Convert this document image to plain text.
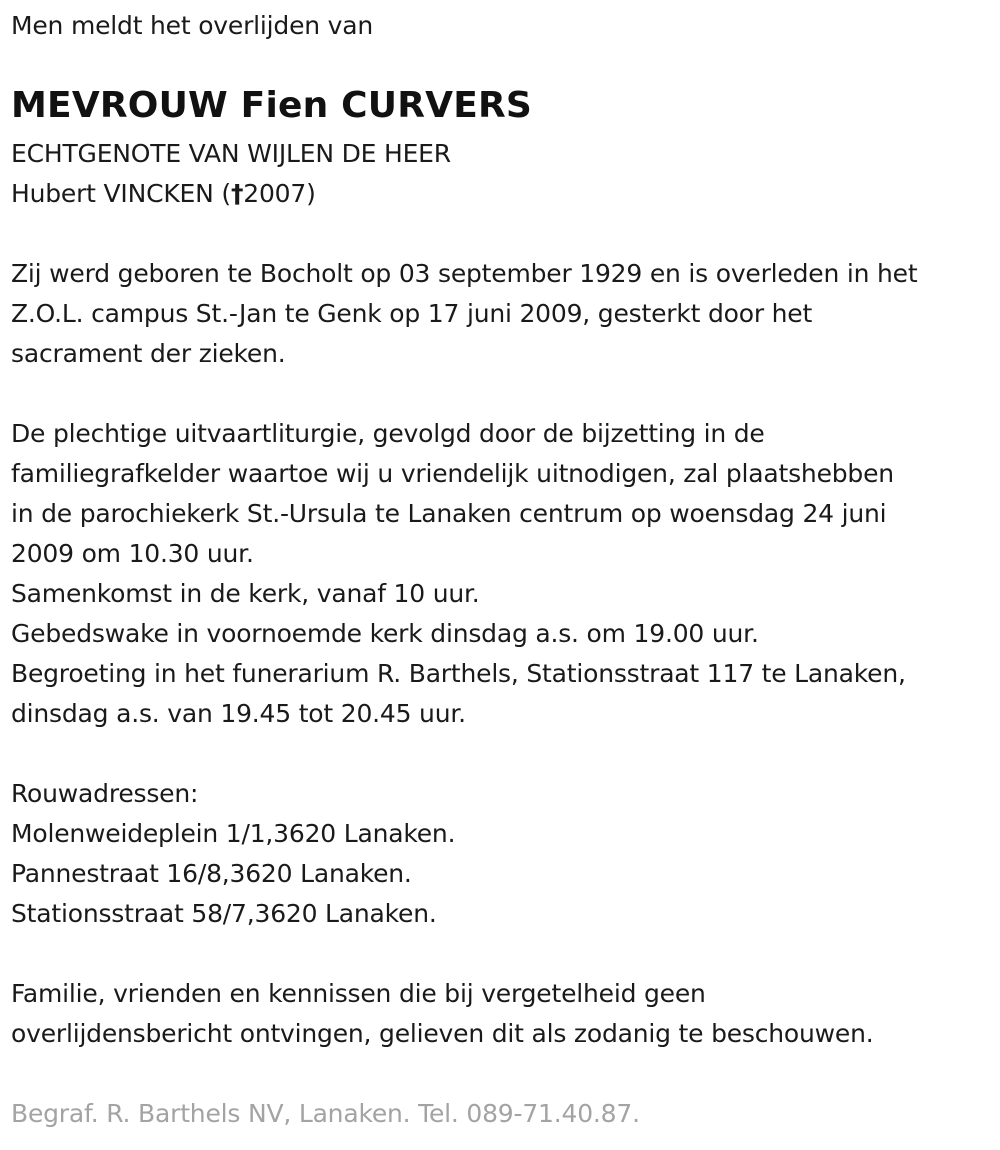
Men meldt het overlijden van
MEVROUW Fien CURVERS
ECHTGENOTE VAN WIJLEN DE HEER
Hubert VINCKEN (†2007)
Zij werd geboren te Bocholt op 03 september 1929 en is overleden in het
Z.O.L. campus St.-Jan te Genk op 17 juni 2009, gesterkt door het
sacrament der zieken.
De plechtige uitvaartliturgie, gevolgd door de bijzetting in de
familiegrafkelder waartoe wij u vriendelijk uitnodigen, zal plaatshebben
in de parochiekerk St.-Ursula te Lanaken centrum op woensdag 24 juni
2009 om 10.30 uur.
Samenkomst in de kerk, vanaf 10 uur.
Gebedswake in voornoemde kerk dinsdag a.s. om 19.00 uur.
Begroeting in het funerarium R. Barthels, Stationsstraat 117 te Lanaken,
dinsdag a.s. van 19.45 tot 20.45 uur.
Rouwadressen:
Molenweideplein 1/1,3620 Lanaken.
Pannestraat 16/8,3620 Lanaken.
Stationsstraat 58/7,3620 Lanaken.
Familie, vrienden en kennissen die bij vergetelheid geen
overlijdensbericht ontvingen, gelieven dit als zodanig te beschouwen.
Begraf. R. Barthels NV, Lanaken. Tel. 089-71.40.87.
